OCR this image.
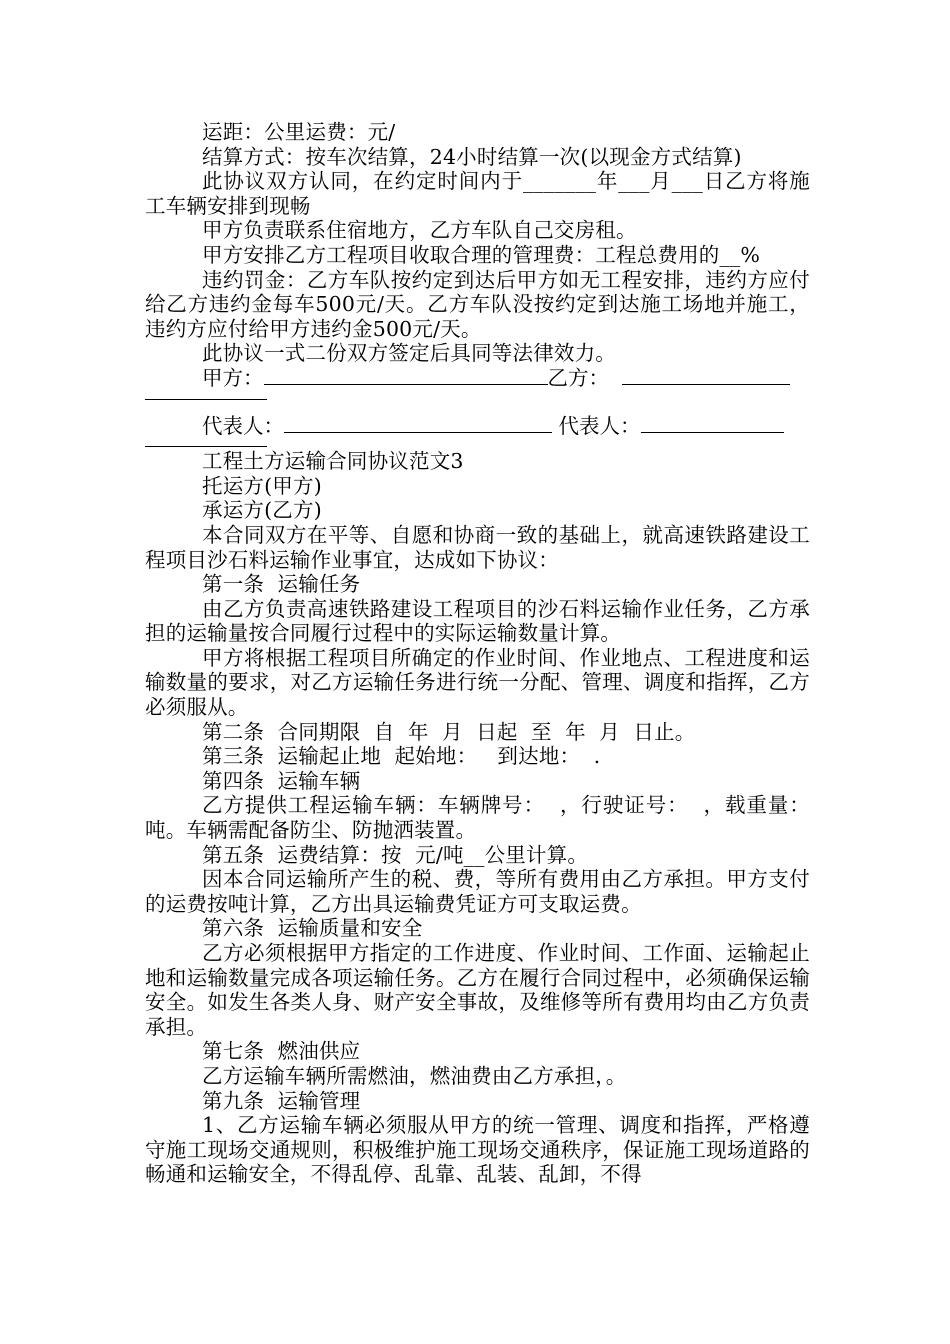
运距：公里运费：元/

结算方式：按车次结算，24小时结算一次(以现金方式结算)

此协议双方认同，在约定时间内于_______年___月___日乙方将施工车辆安排到现畅

甲方负责联系住宿地方，乙方车队自己交房租。

甲方安排乙方工程项目收取合理的管理费：工程总费用的__%

违约罚金：乙方车队按约定到达后甲方如无工程安排，违约方应付给乙方违约金每车500元/天。乙方车队没按约定到达施工场地并施工，违约方应付给甲方违约金500元/天。

此协议一式二份双方签定后具同等法律效力。

甲方：	乙方：

代表人：	代表人：

工程土方运输合同协议范文3

托运方(甲方)

承运方(乙方)

本合同双方在平等、自愿和协商一致的基础上，就高速铁路建设工程项目沙石料运输作业事宜，达成如下协议：

第一条  运输任务

由乙方负责高速铁路建设工程项目的沙石料运输作业任务，乙方承担的运输量按合同履行过程中的实际运输数量计算。

甲方将根据工程项目所确定的作业时间、作业地点、工程进度和运输数量的要求，对乙方运输任务进行统一分配、管理、调度和指挥，乙方必须服从。

第二条  合同期限  自  年  月  日起  至  年  月  日止。

第三条  运输起止地  起始地：   到达地：  .

第四条  运输车辆

乙方提供工程运输车辆：车辆牌号：  ，行驶证号：  ，载重量：  吨。车辆需配备防尘、防抛洒装置。

第五条  运费结算：按  元/吨__公里计算。

因本合同运输所产生的税、费，等所有费用由乙方承担。甲方支付的运费按吨计算，乙方出具运输费凭证方可支取运费。

第六条  运输质量和安全

乙方必须根据甲方指定的工作进度、作业时间、工作面、运输起止地和运输数量完成各项运输任务。乙方在履行合同过程中，必须确保运输安全。如发生各类人身、财产安全事故，及维修等所有费用均由乙方负责承担。

第七条  燃油供应

乙方运输车辆所需燃油，燃油费由乙方承担，。

第九条  运输管理

1、乙方运输车辆必须服从甲方的统一管理、调度和指挥，严格遵守施工现场交通规则，积极维护施工现场交通秩序，保证施工现场道路的畅通和运输安全，不得乱停、乱靠、乱装、乱卸，不得
